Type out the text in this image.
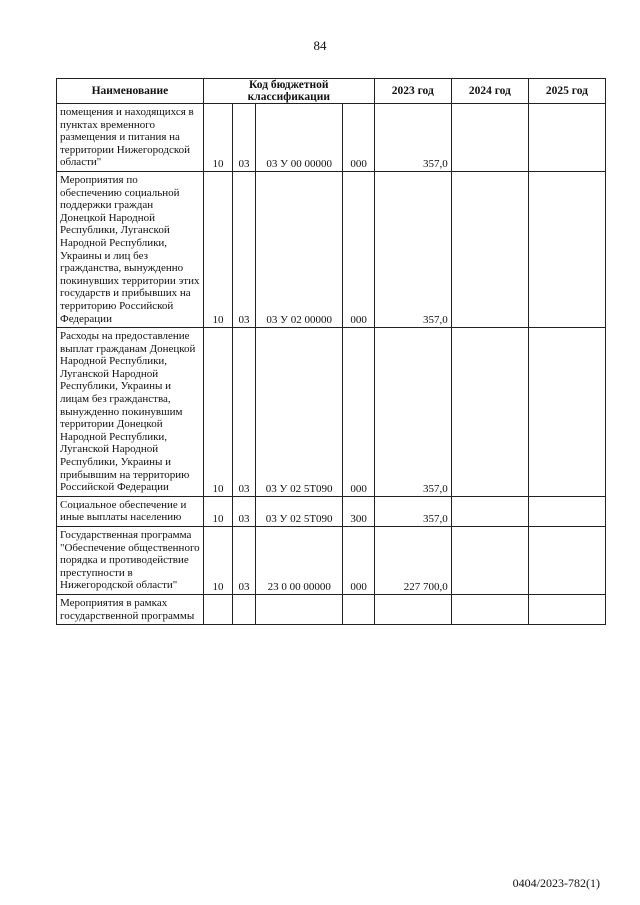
84
Наименование	Код бюджетной классификации				2023 год	2024 год	2025 год
помещения и находящихся в пунктах временного размещения и питания на территории Нижегородской области"	10	03	03 У 00 00000	000	357,0		
Мероприятия по обеспечению социальной поддержки граждан Донецкой Народной Республики, Луганской Народной Республики, Украины и лиц без гражданства, вынужденно покинувших территории этих государств и прибывших на территорию Российской Федерации	10	03	03 У 02 00000	000	357,0		
Расходы на предоставление выплат гражданам Донецкой Народной Республики, Луганской Народной Республики, Украины и лицам без гражданства, вынужденно покинувшим территории Донецкой Народной Республики, Луганской Народной Республики, Украины и прибывшим на территорию Российской Федерации	10	03	03 У 02 5Т090	000	357,0		
Социальное обеспечение и иные выплаты населению	10	03	03 У 02 5Т090	300	357,0		
Государственная программа "Обеспечение общественного порядка и противодействие преступности в Нижегородской области"	10	03	23 0 00 00000	000	227 700,0		
Мероприятия в рамках государственной программы							
0404/2023-782(1)
